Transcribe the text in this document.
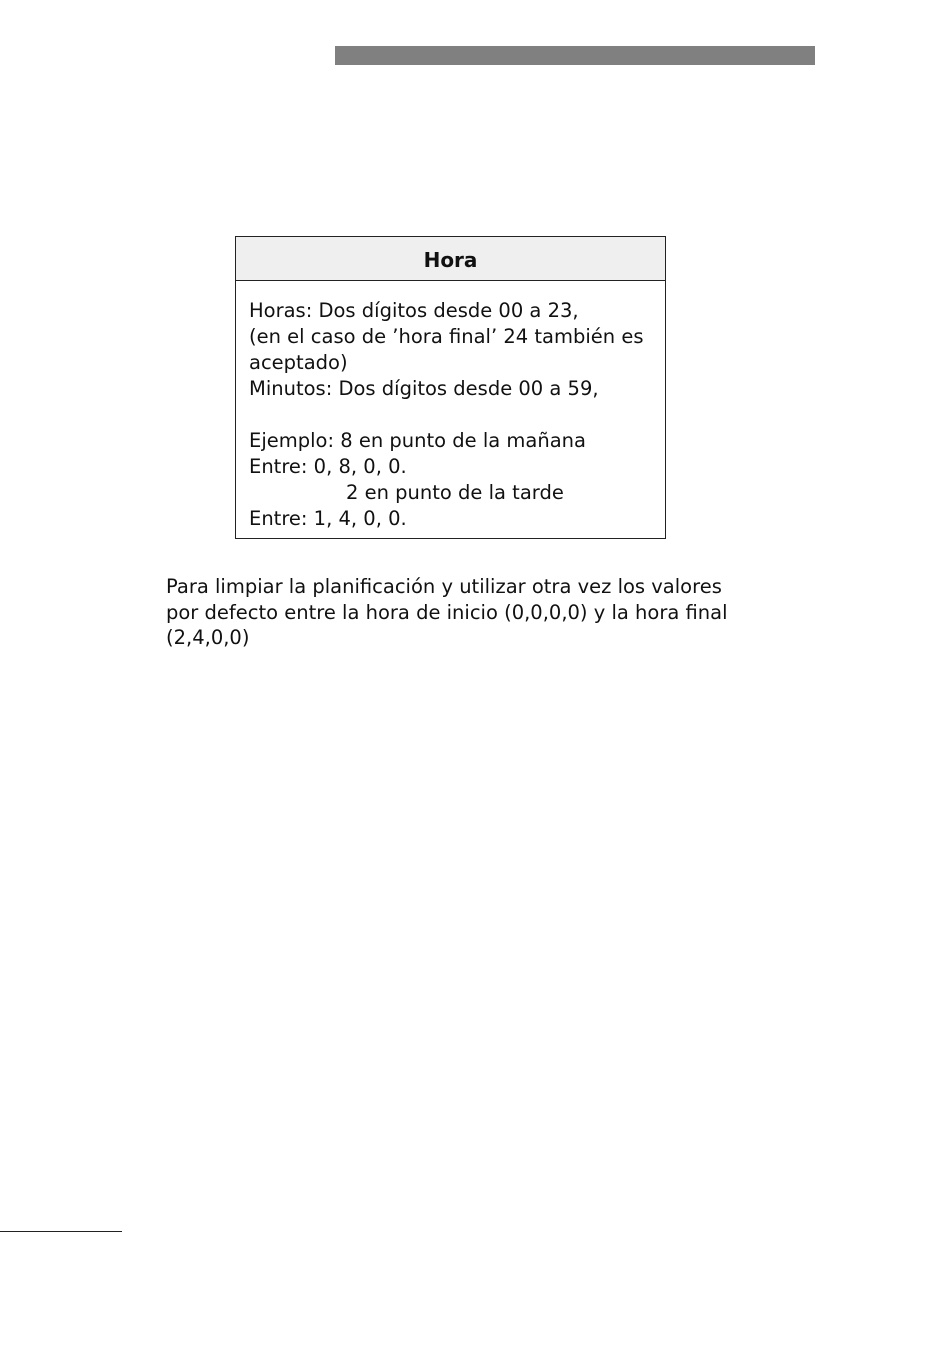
Hora
Horas: Dos dígitos desde 00 a 23,
(en el caso de ’hora final’ 24 también es
aceptado)
Minutos: Dos dígitos desde 00 a 59,
Ejemplo: 8 en punto de la mañana
Entre: 0, 8, 0, 0.
2 en punto de la tarde
Entre: 1, 4, 0, 0.
Para limpiar la planificación y utilizar otra vez los valores
por defecto entre la hora de inicio (0,0,0,0) y la hora final
(2,4,0,0)
